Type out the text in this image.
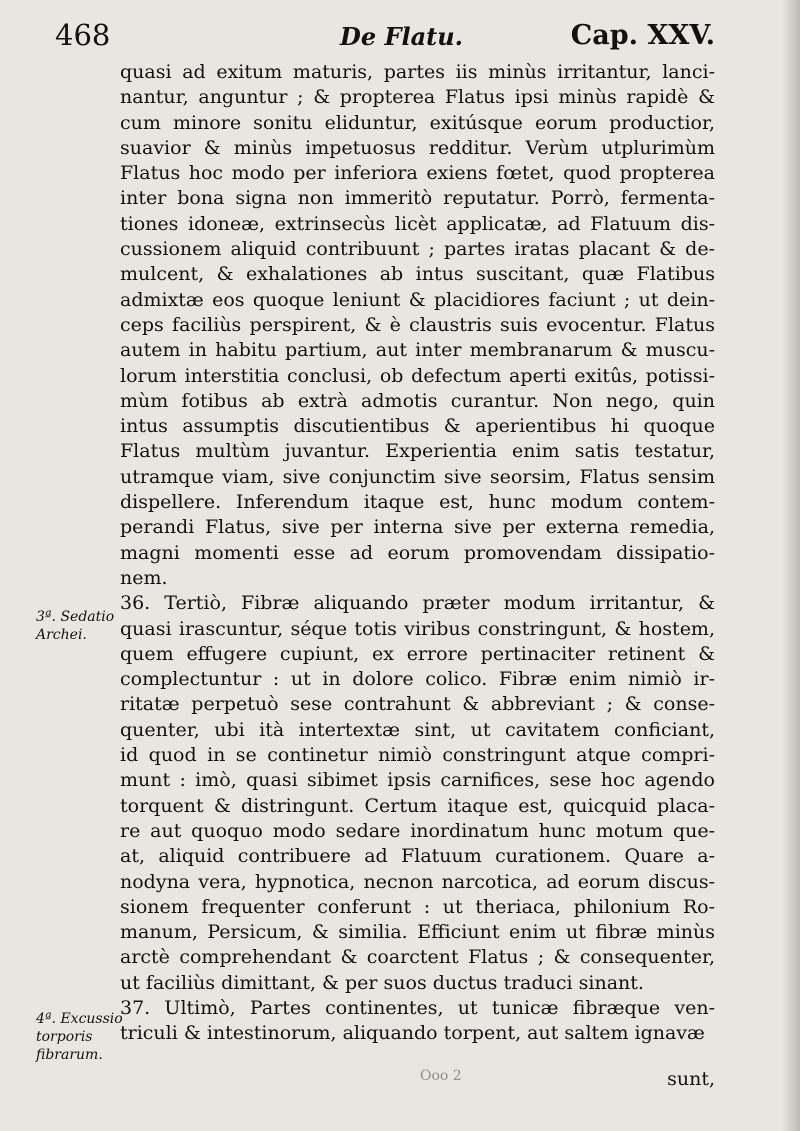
468	De Flatu.	Cap. XXV.
quasi ad exitum maturis, partes iis minùs irritantur, lanci-
nantur, anguntur ; & propterea Flatus ipsi minùs rapidè &
cum minore sonitu eliduntur, exitúsque eorum productior,
suavior & minùs impetuosus redditur. Verùm utplurimùm
Flatus hoc modo per inferiora exiens fœtet, quod propterea
inter bona signa non immeritò reputatur. Porrò, fermenta-
tiones idoneæ, extrinsecùs licèt applicatæ, ad Flatuum dis-
cussionem aliquid contribuunt ; partes iratas placant & de-
mulcent, & exhalationes ab intus suscitant, quæ Flatibus
admixtæ eos quoque leniunt & placidiores faciunt ; ut dein-
ceps faciliùs perspirent, & è claustris suis evocentur. Flatus
autem in habitu partium, aut inter membranarum & muscu-
lorum interstitia conclusi, ob defectum aperti exitûs, potissi-
mùm fotibus ab extrà admotis curantur. Non nego, quin
intus assumptis discutientibus & aperientibus hi quoque
Flatus multùm juvantur. Experientia enim satis testatur,
utramque viam, sive conjunctim sive seorsim, Flatus sensim
dispellere. Inferendum itaque est, hunc modum contem-
perandi Flatus, sive per interna sive per externa remedia,
magni momenti esse ad eorum promovendam dissipatio-
nem.
36. Tertiò, Fibræ aliquando præter modum irritantur, &
quasi irascuntur, séque totis viribus constringunt, & hostem,
quem effugere cupiunt, ex errore pertinaciter retinent &
complectuntur : ut in dolore colico. Fibræ enim nimiò ir-
ritatæ perpetuò sese contrahunt & abbreviant ; & conse-
quenter, ubi ità intertextæ sint, ut cavitatem conficiant,
id quod in se continetur nimiò constringunt atque compri-
munt : imò, quasi sibimet ipsis carnifices, sese hoc agendo
torquent & distringunt. Certum itaque est, quicquid placa-
re aut quoquo modo sedare inordinatum hunc motum que-
at, aliquid contribuere ad Flatuum curationem. Quare a-
nodyna vera, hypnotica, necnon narcotica, ad eorum discus-
sionem frequenter conferunt : ut theriaca, philonium Ro-
manum, Persicum, & similia. Efficiunt enim ut fibræ minùs
arctè comprehendant & coarctent Flatus ; & consequenter,
ut faciliùs dimittant, & per suos ductus traduci sinant.
37. Ultimò, Partes continentes, ut tunicæ fibræque ven-
triculi & intestinorum, aliquando torpent, aut saltem ignavæ
3ª. Sedatio Archei.
4ª. Excussio torporis fibrarum.
Ooo 2	sunt,
